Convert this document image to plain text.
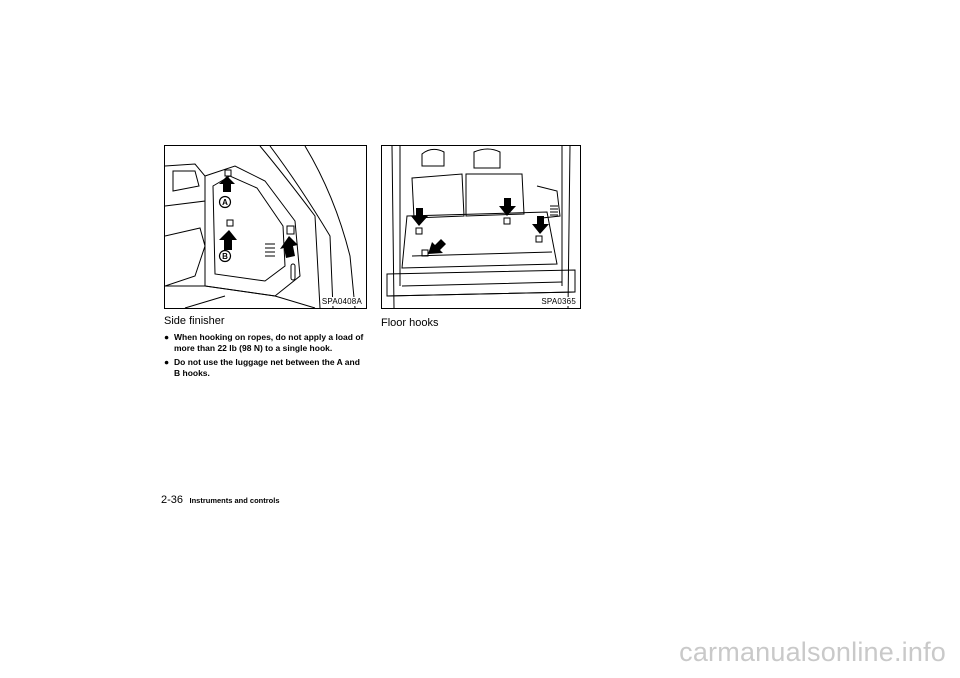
A
B
SPA0408A	SPA0365
Side finisher
● When hooking on ropes, do not apply a load of more than 22 lb (98 N) to a single hook.
● Do not use the luggage net between the A and B hooks.
Floor hooks
2-36 Instruments and controls
carmanualsonline.info
